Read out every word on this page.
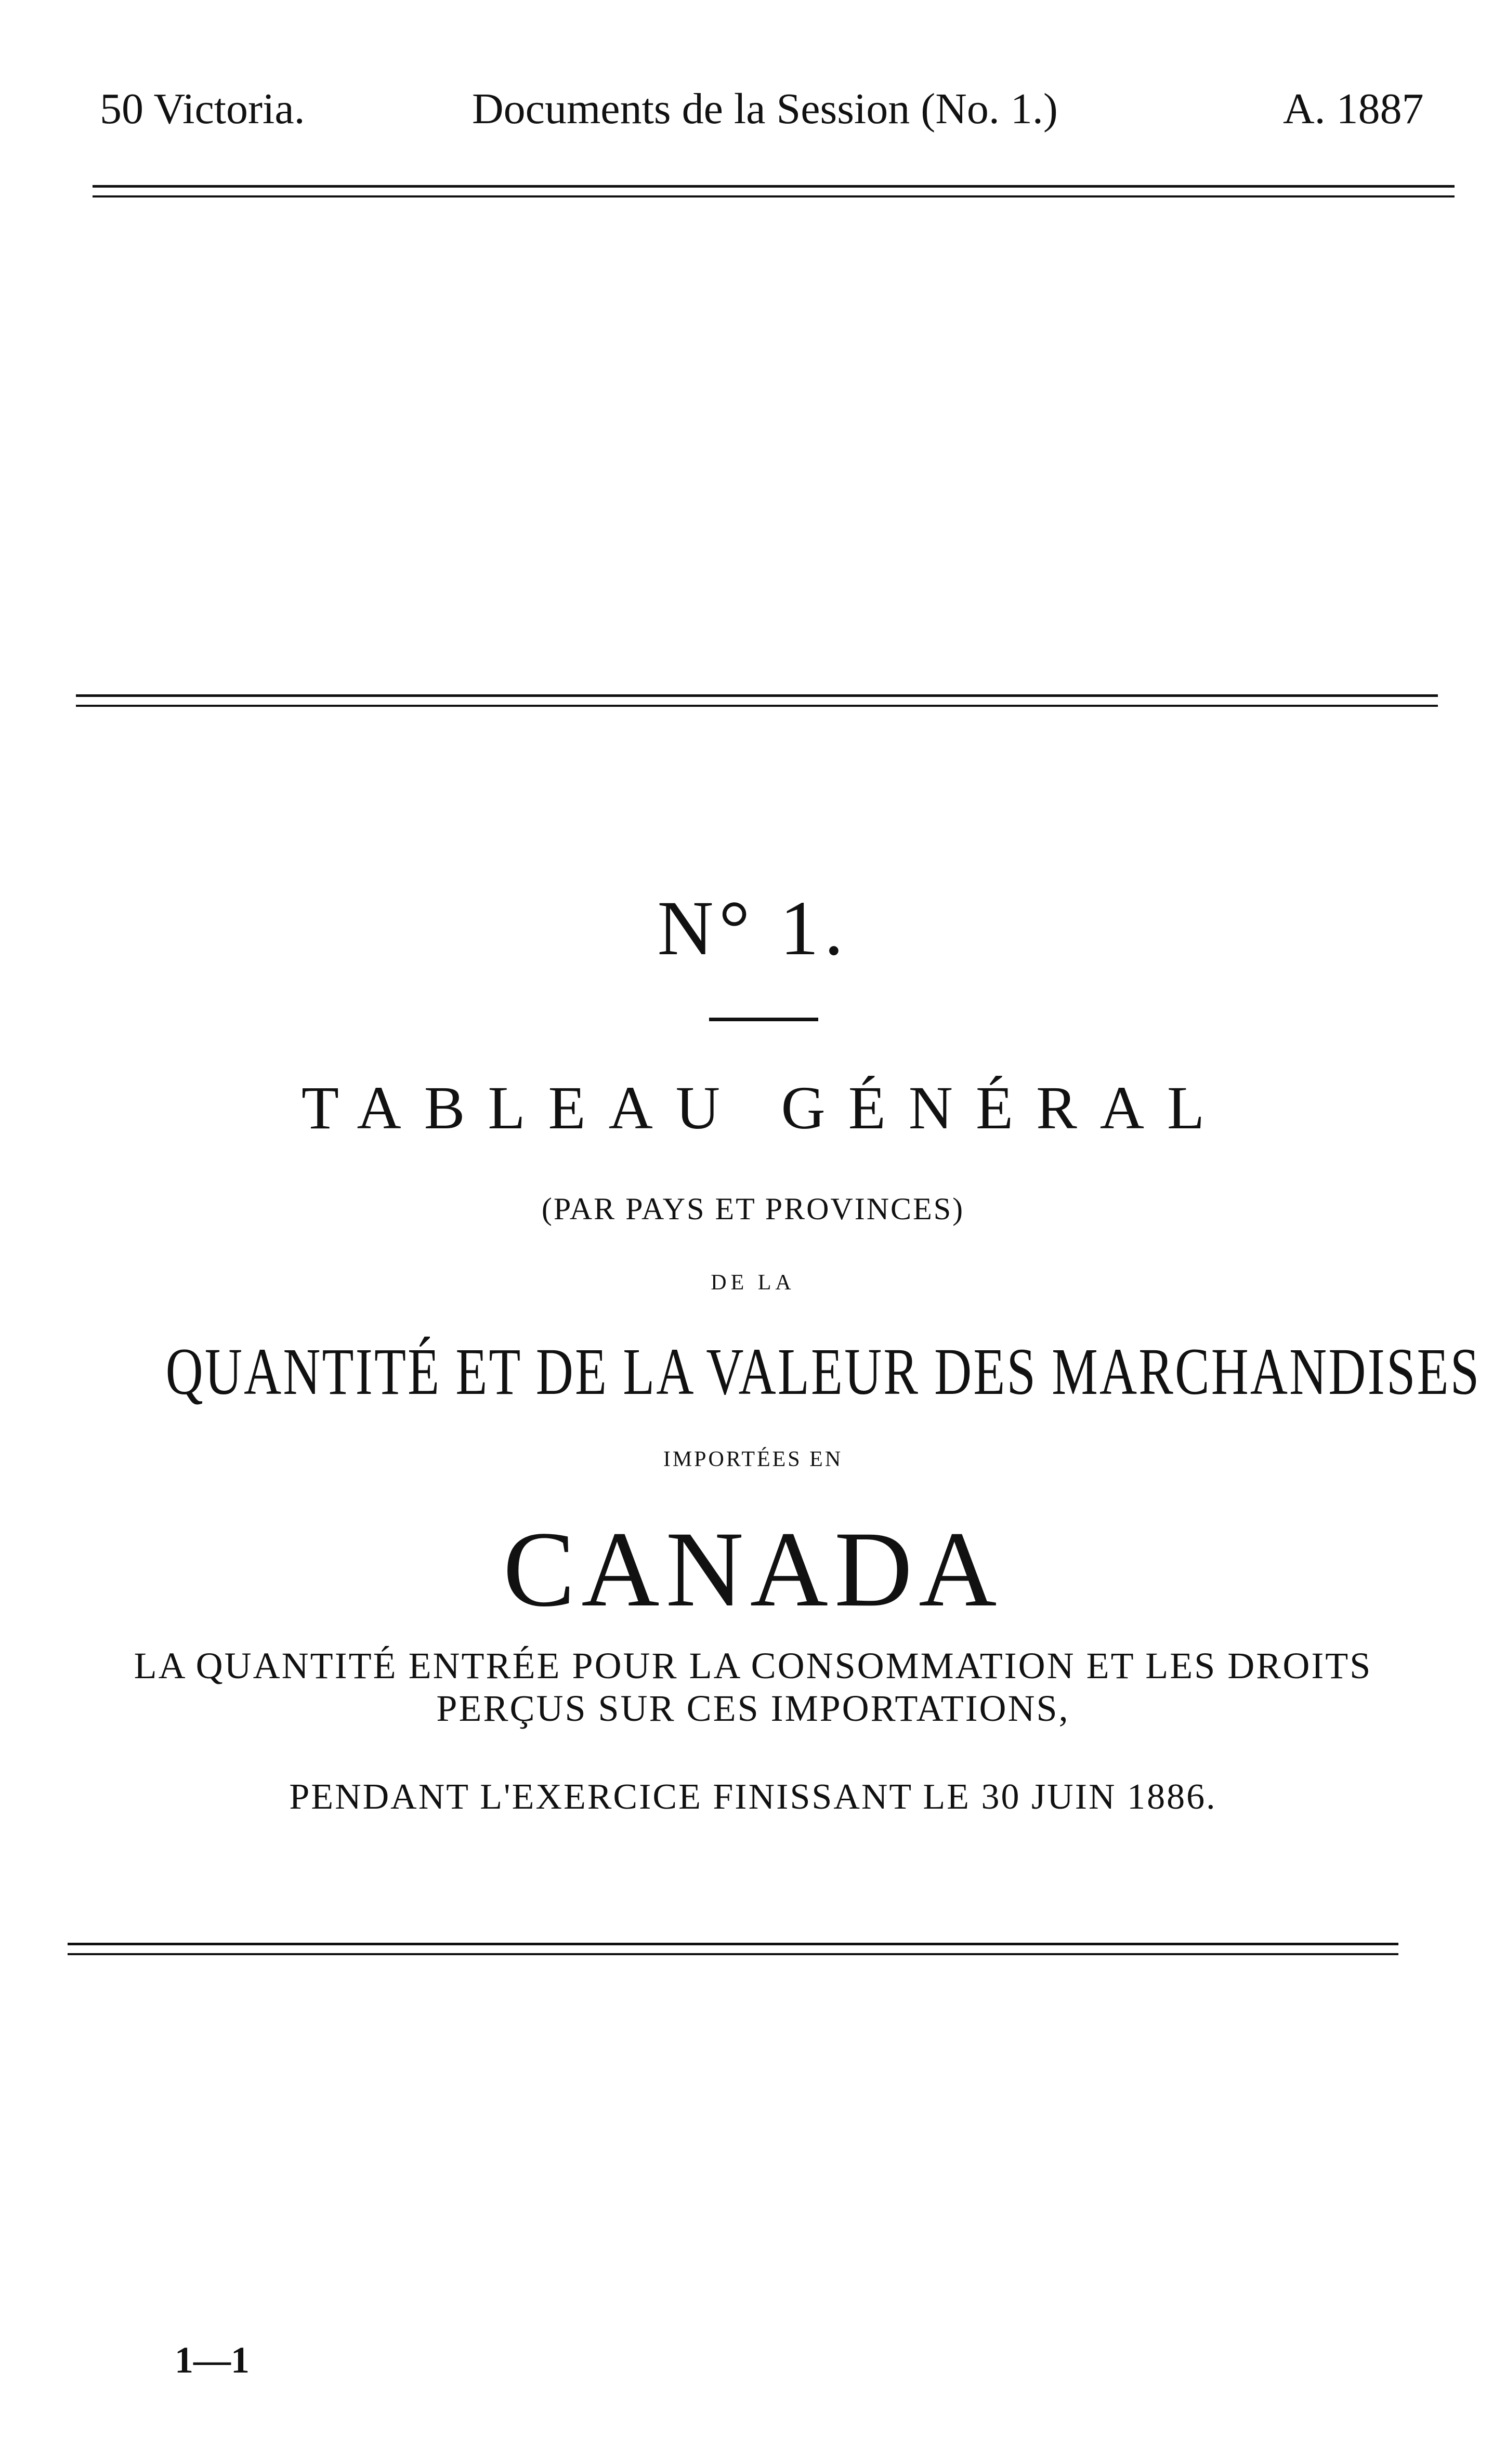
50 Victoria.	Documents de la Session (No. 1.)	A. 1887
N° 1.
TABLEAU GÉNÉRAL
(PAR PAYS ET PROVINCES)
DE LA
QUANTITÉ ET DE LA VALEUR DES MARCHANDISES
IMPORTÉES EN
CANADA
LA QUANTITÉ ENTRÉE POUR LA CONSOMMATION ET LES DROITS
PERÇUS SUR CES IMPORTATIONS,
PENDANT L'EXERCICE FINISSANT LE 30 JUIN 1886.
1—1
